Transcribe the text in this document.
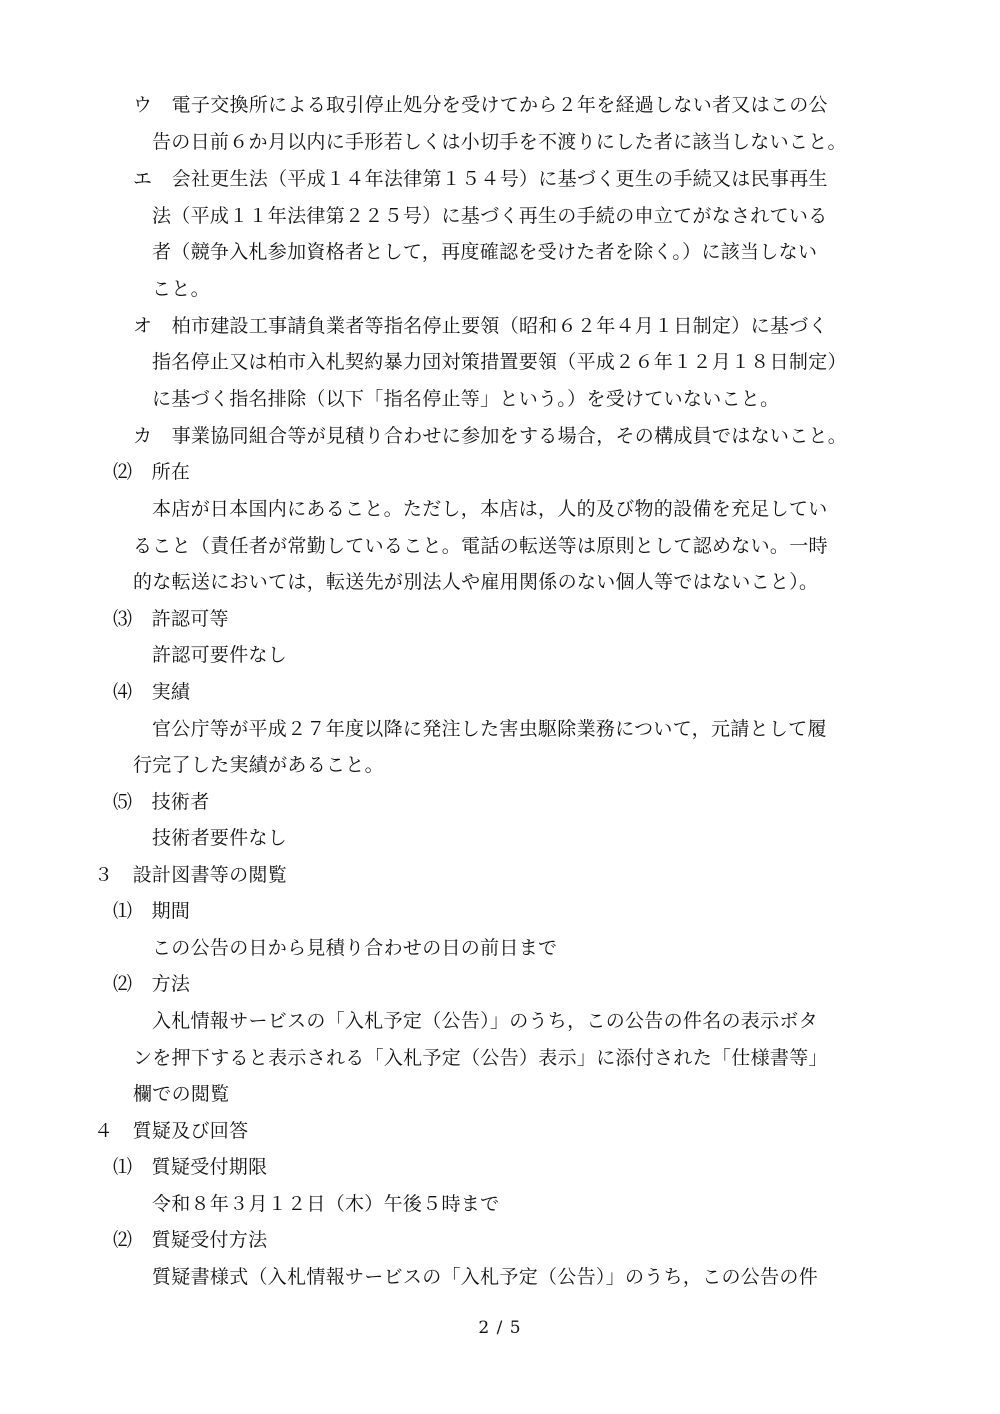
ウ　電子交換所による取引停止処分を受けてから２年を経過しない者又はこの公
告の日前６か月以内に手形若しくは小切手を不渡りにした者に該当しないこと。
エ　会社更生法（平成１４年法律第１５４号）に基づく更生の手続又は民事再生
法（平成１１年法律第２２５号）に基づく再生の手続の申立てがなされている
者（競争入札参加資格者として，再度確認を受けた者を除く。）に該当しない
こと。
オ　柏市建設工事請負業者等指名停止要領（昭和６２年４月１日制定）に基づく
指名停止又は柏市入札契約暴力団対策措置要領（平成２６年１２月１８日制定）
に基づく指名排除（以下「指名停止等」という。）を受けていないこと。
カ　事業協同組合等が見積り合わせに参加をする場合，その構成員ではないこと。
⑵　所在
本店が日本国内にあること。ただし，本店は，人的及び物的設備を充足してい
ること（責任者が常勤していること。電話の転送等は原則として認めない。一時
的な転送においては，転送先が別法人や雇用関係のない個人等ではないこと）。
⑶　許認可等
許認可要件なし
⑷　実績
官公庁等が平成２７年度以降に発注した害虫駆除業務について，元請として履
行完了した実績があること。
⑸　技術者
技術者要件なし
３　設計図書等の閲覧
⑴　期間
この公告の日から見積り合わせの日の前日まで
⑵　方法
入札情報サービスの「入札予定（公告）」のうち，この公告の件名の表示ボタ
ンを押下すると表示される「入札予定（公告）表示」に添付された「仕様書等」
欄での閲覧
４　質疑及び回答
⑴　質疑受付期限
令和８年３月１２日（木）午後５時まで
⑵　質疑受付方法
質疑書様式（入札情報サービスの「入札予定（公告）」のうち，この公告の件
2 / 5
